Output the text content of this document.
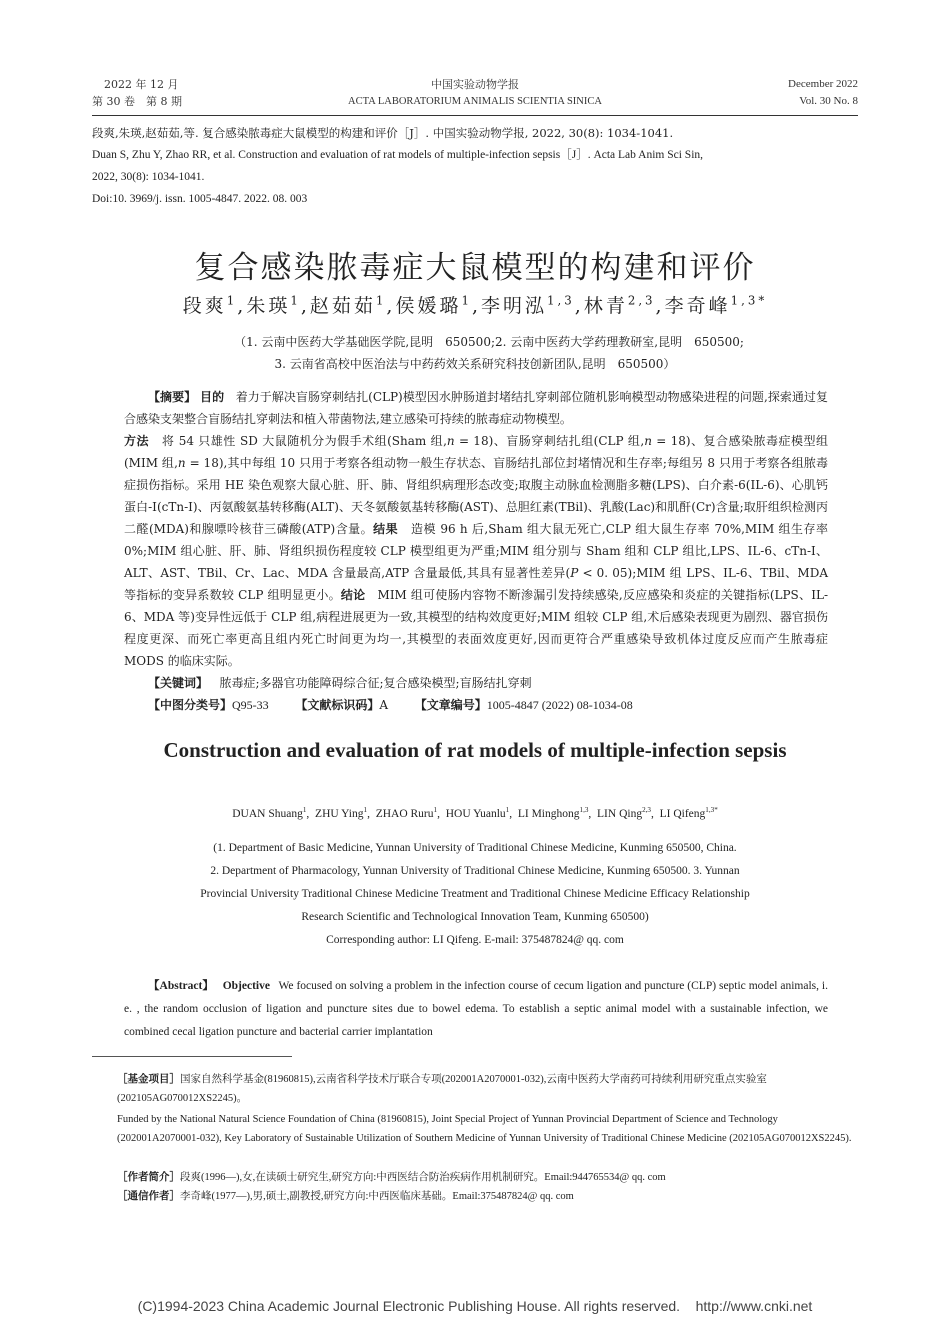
2022 年 12 月
第 30 卷　第 8 期
中国实验动物学报
ACTA LABORATORIUM ANIMALIS SCIENTIA SINICA
December 2022
Vol. 30 No. 8
段爽,朱瑛,赵茹茹,等. 复合感染脓毒症大鼠模型的构建和评价［J］. 中国实验动物学报, 2022, 30(8): 1034-1041.
Duan S, Zhu Y, Zhao RR, et al. Construction and evaluation of rat models of multiple-infection sepsis［J］. Acta Lab Anim Sci Sin,
2022, 30(8): 1034-1041.
Doi:10. 3969/j. issn. 1005-4847. 2022. 08. 003
复合感染脓毒症大鼠模型的构建和评价
段爽$^1$,朱瑛$^1$,赵茹茹$^1$,侯媛璐$^1$,李明泓$^{1,3}$,林青$^{2,3}$,李奇峰$^{1,3*}$
（1. 云南中医药大学基础医学院,昆明　650500;2. 云南中医药大学药理教研室,昆明　650500;
3. 云南省高校中医治法与中药药效关系研究科技创新团队,昆明　650500）
【摘要】 目的 着力于解决盲肠穿刺结扎(CLP)模型因水肿肠道封堵结扎穿刺部位随机影响模型动物感染进程的问题,探索通过复合感染支架整合盲肠结扎穿刺法和植入带菌物法,建立感染可持续的脓毒症动物模型。
方法 将 54 只雄性 SD 大鼠随机分为假手术组(Sham 组,n = 18)、盲肠穿刺结扎组(CLP 组,n = 18)、复合感染脓毒症模型组(MIM 组,n = 18),其中每组 10 只用于考察各组动物一般生存状态、盲肠结扎部位封堵情况和生存率;每组另 8 只用于考察各组脓毒症损伤指标。采用 HE 染色观察大鼠心脏、肝、肺、肾组织病理形态改变;取腹主动脉血检测脂多糖(LPS)、白介素-6(IL-6)、心肌钙蛋白-Ⅰ(cTn-I)、丙氨酸氨基转移酶(ALT)、天冬氨酸氨基转移酶(AST)、总胆红素(TBil)、乳酸(Lac)和肌酐(Cr)含量;取肝组织检测丙二醛(MDA)和腺嘌呤核苷三磷酸(ATP)含量。结果 造模 96 h 后,Sham 组大鼠无死亡,CLP 组大鼠生存率 70%,MIM 组生存率 0%;MIM 组心脏、肝、肺、肾组织损伤程度较 CLP 模型组更为严重;MIM 组分别与 Sham 组和 CLP 组比,LPS、IL-6、cTn-I、ALT、AST、TBil、Cr、Lac、MDA 含量最高,ATP 含量最低,其具有显著性差异(P < 0. 05);MIM 组 LPS、IL-6、TBil、MDA 等指标的变异系数较 CLP 组明显更小。结论 MIM 组可使肠内容物不断渗漏引发持续感染,反应感染和炎症的关键指标(LPS、IL-6、MDA 等)变异性远低于 CLP 组,病程进展更为一致,其模型的结构效度更好;MIM 组较 CLP 组,术后感染表现更为剧烈、器官损伤程度更深、而死亡率更高且组内死亡时间更为均一,其模型的表面效度更好,因而更符合严重感染导致机体过度反应而产生脓毒症 MODS 的临床实际。
【关键词】 脓毒症;多器官功能障碍综合征;复合感染模型;盲肠结扎穿刺
【中图分类号】Q95-33 【文献标识码】A 【文章编号】1005-4847 (2022) 08-1034-08
Construction and evaluation of rat models of multiple-infection sepsis
DUAN Shuang$^1$,  ZHU Ying$^1$,  ZHAO Ruru$^1$,  HOU Yuanlu$^1$,  LI Minghong$^{1,3}$,  LIN Qing$^{2,3}$,  LI Qifeng$^{1,3*}$
(1. Department of Basic Medicine, Yunnan University of Traditional Chinese Medicine, Kunming 650500, China.
2. Department of Pharmacology, Yunnan University of Traditional Chinese Medicine, Kunming 650500. 3. Yunnan
Provincial University Traditional Chinese Medicine Treatment and Traditional Chinese Medicine Efficacy Relationship
Research Scientific and Technological Innovation Team, Kunming 650500)
Corresponding author: LI Qifeng. E-mail: 375487824@ qq. com
【Abstract】 Objective We focused on solving a problem in the infection course of cecum ligation and puncture (CLP) septic model animals, i. e. , the random occlusion of ligation and puncture sites due to bowel edema. To establish a septic animal model with a sustainable infection, we combined cecal ligation puncture and bacterial carrier implantation
［基金项目］国家自然科学基金(81960815),云南省科学技术厅联合专项(202001A2070001-032),云南中医药大学南药可持续利用研究重点实验室(202105AG070012XS2245)。
Funded by the National Natural Science Foundation of China (81960815), Joint Special Project of Yunnan Provincial Department of Science and Technology (202001A2070001-032), Key Laboratory of Sustainable Utilization of Southern Medicine of Yunnan University of Traditional Chinese Medicine (202105AG070012XS2245).
［作者简介］段爽(1996—),女,在读硕士研究生,研究方向:中西医结合防治疾病作用机制研究。Email:944765534@ qq. com
［通信作者］李奇峰(1977—),男,硕士,副教授,研究方向:中西医临床基础。Email:375487824@ qq. com
(C)1994-2023 China Academic Journal Electronic Publishing House. All rights reserved.    http://www.cnki.net
